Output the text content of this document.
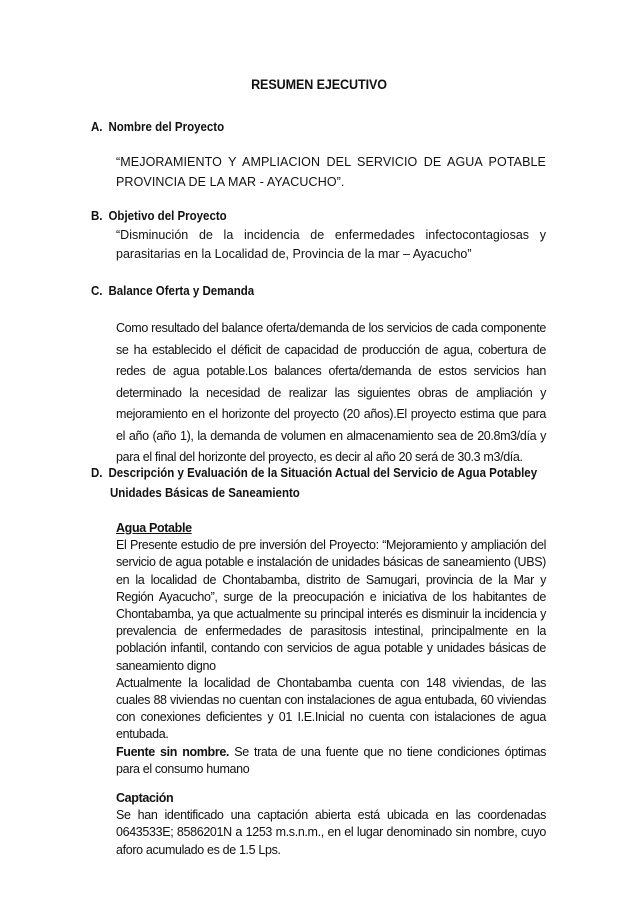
RESUMEN EJECUTIVO
A. Nombre del Proyecto

“MEJORAMIENTO Y AMPLIACION DEL SERVICIO DE AGUA POTABLE PROVINCIA DE LA MAR - AYACUCHO”.

B. Objetivo del Proyecto

“Disminución de la incidencia de enfermedades infectocontagiosas y parasitarias en la Localidad de, Provincia de la mar – Ayacucho”

C. Balance Oferta y Demanda

Como resultado del balance oferta/demanda de los servicios de cada componente se ha establecido el déficit de capacidad de producción de agua, cobertura de redes de agua potable.Los balances oferta/demanda de estos servicios han determinado la necesidad de realizar las siguientes obras de ampliación y mejoramiento en el horizonte del proyecto (20 años).El proyecto estima que para el año (año 1), la demanda de volumen en almacenamiento sea de 20.8m3/día y para el final del horizonte del proyecto, es decir al año 20 será de 30.3 m3/día.

D. Descripción y Evaluación de la Situación Actual del Servicio de Agua Potabley
Unidades Básicas de Saneamiento
Agua Potable

El Presente estudio de pre inversión del Proyecto: “Mejoramiento y ampliación del servicio de agua potable e instalación de unidades básicas de saneamiento (UBS) en la localidad de Chontabamba, distrito de Samugari, provincia de la Mar y Región Ayacucho”, surge de la preocupación e iniciativa de los habitantes de Chontabamba, ya que actualmente su principal interés es disminuir la incidencia y prevalencia de enfermedades de parasitosis intestinal, principalmente en la población infantil, contando con servicios de agua potable y unidades básicas de saneamiento digno

Actualmente la localidad de Chontabamba cuenta con 148 viviendas, de las cuales 88 viviendas no cuentan con instalaciones de agua entubada, 60 viviendas con conexiones deficientes y 01 I.E.Inicial no cuenta con istalaciones de agua entubada.

Fuente sin nombre. Se trata de una fuente que no tiene condiciones óptimas para el consumo humano

Captación

Se han identificado una captación abierta está ubicada en las coordenadas 0643533E; 8586201N a 1253 m.s.n.m., en el lugar denominado sin nombre, cuyo aforo acumulado es de 1.5 Lps.
